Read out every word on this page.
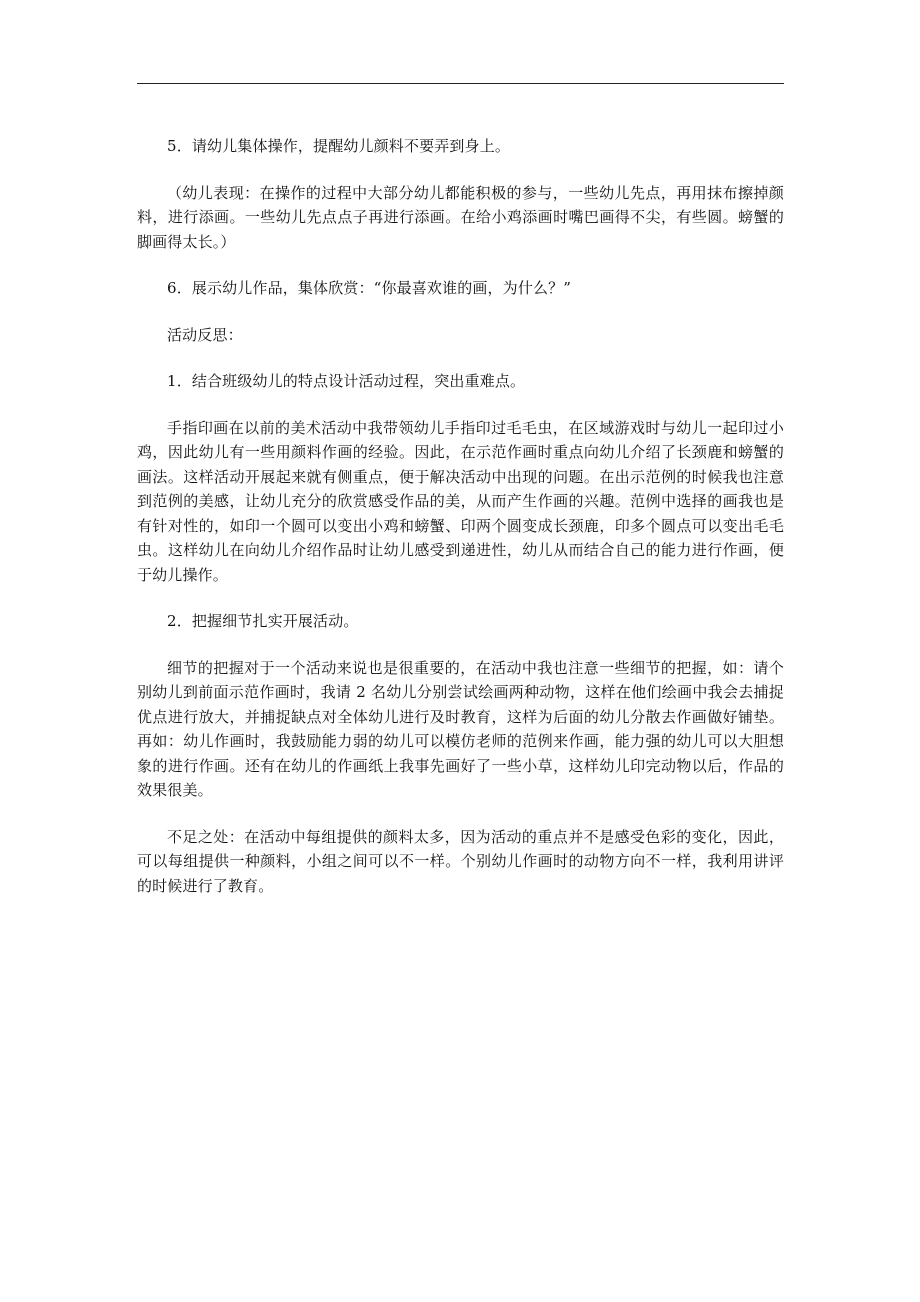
5．请幼儿集体操作，提醒幼儿颜料不要弄到身上。

（幼儿表现：在操作的过程中大部分幼儿都能积极的参与，一些幼儿先点，再用抹布擦掉颜料，进行添画。一些幼儿先点点子再进行添画。在给小鸡添画时嘴巴画得不尖，有些圆。螃蟹的脚画得太长。）

6．展示幼儿作品，集体欣赏：“你最喜欢谁的画，为什么？”

活动反思：

1．结合班级幼儿的特点设计活动过程，突出重难点。

手指印画在以前的美术活动中我带领幼儿手指印过毛毛虫，在区域游戏时与幼儿一起印过小鸡，因此幼儿有一些用颜料作画的经验。因此，在示范作画时重点向幼儿介绍了长颈鹿和螃蟹的画法。这样活动开展起来就有侧重点，便于解决活动中出现的问题。在出示范例的时候我也注意到范例的美感，让幼儿充分的欣赏感受作品的美，从而产生作画的兴趣。范例中选择的画我也是有针对性的，如印一个圆可以变出小鸡和螃蟹、印两个圆变成长颈鹿，印多个圆点可以变出毛毛虫。这样幼儿在向幼儿介绍作品时让幼儿感受到递进性，幼儿从而结合自己的能力进行作画，便于幼儿操作。

2．把握细节扎实开展活动。

细节的把握对于一个活动来说也是很重要的，在活动中我也注意一些细节的把握，如：请个别幼儿到前面示范作画时，我请 2 名幼儿分别尝试绘画两种动物，这样在他们绘画中我会去捕捉优点进行放大，并捕捉缺点对全体幼儿进行及时教育，这样为后面的幼儿分散去作画做好铺垫。再如：幼儿作画时，我鼓励能力弱的幼儿可以模仿老师的范例来作画，能力强的幼儿可以大胆想象的进行作画。还有在幼儿的作画纸上我事先画好了一些小草，这样幼儿印完动物以后，作品的效果很美。

不足之处：在活动中每组提供的颜料太多，因为活动的重点并不是感受色彩的变化，因此，可以每组提供一种颜料，小组之间可以不一样。个别幼儿作画时的动物方向不一样，我利用讲评的时候进行了教育。
